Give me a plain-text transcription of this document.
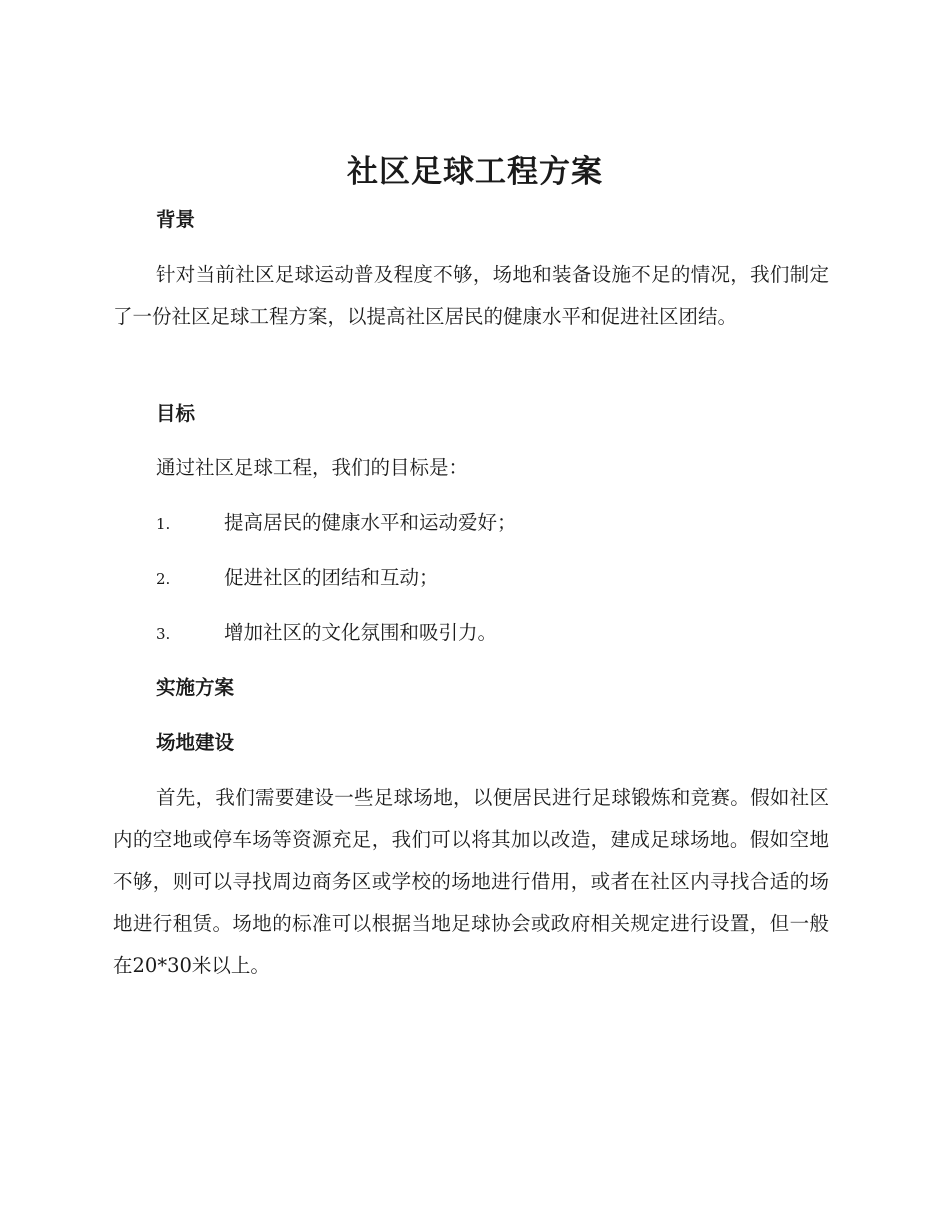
社区足球工程方案
背景

针对当前社区足球运动普及程度不够，场地和装备设施不足的情况，我们制定了一份社区足球工程方案，以提高社区居民的健康水平和促进社区团结。

目标

通过社区足球工程，我们的目标是：

1.	提高居民的健康水平和运动爱好；
2.	促进社区的团结和互动；
3.	增加社区的文化氛围和吸引力。
实施方案
场地建设

首先，我们需要建设一些足球场地，以便居民进行足球锻炼和竞赛。假如社区内的空地或停车场等资源充足，我们可以将其加以改造，建成足球场地。假如空地不够，则可以寻找周边商务区或学校的场地进行借用，或者在社区内寻找合适的场地进行租赁。场地的标准可以根据当地足球协会或政府相关规定进行设置，但一般在20*30米以上。
